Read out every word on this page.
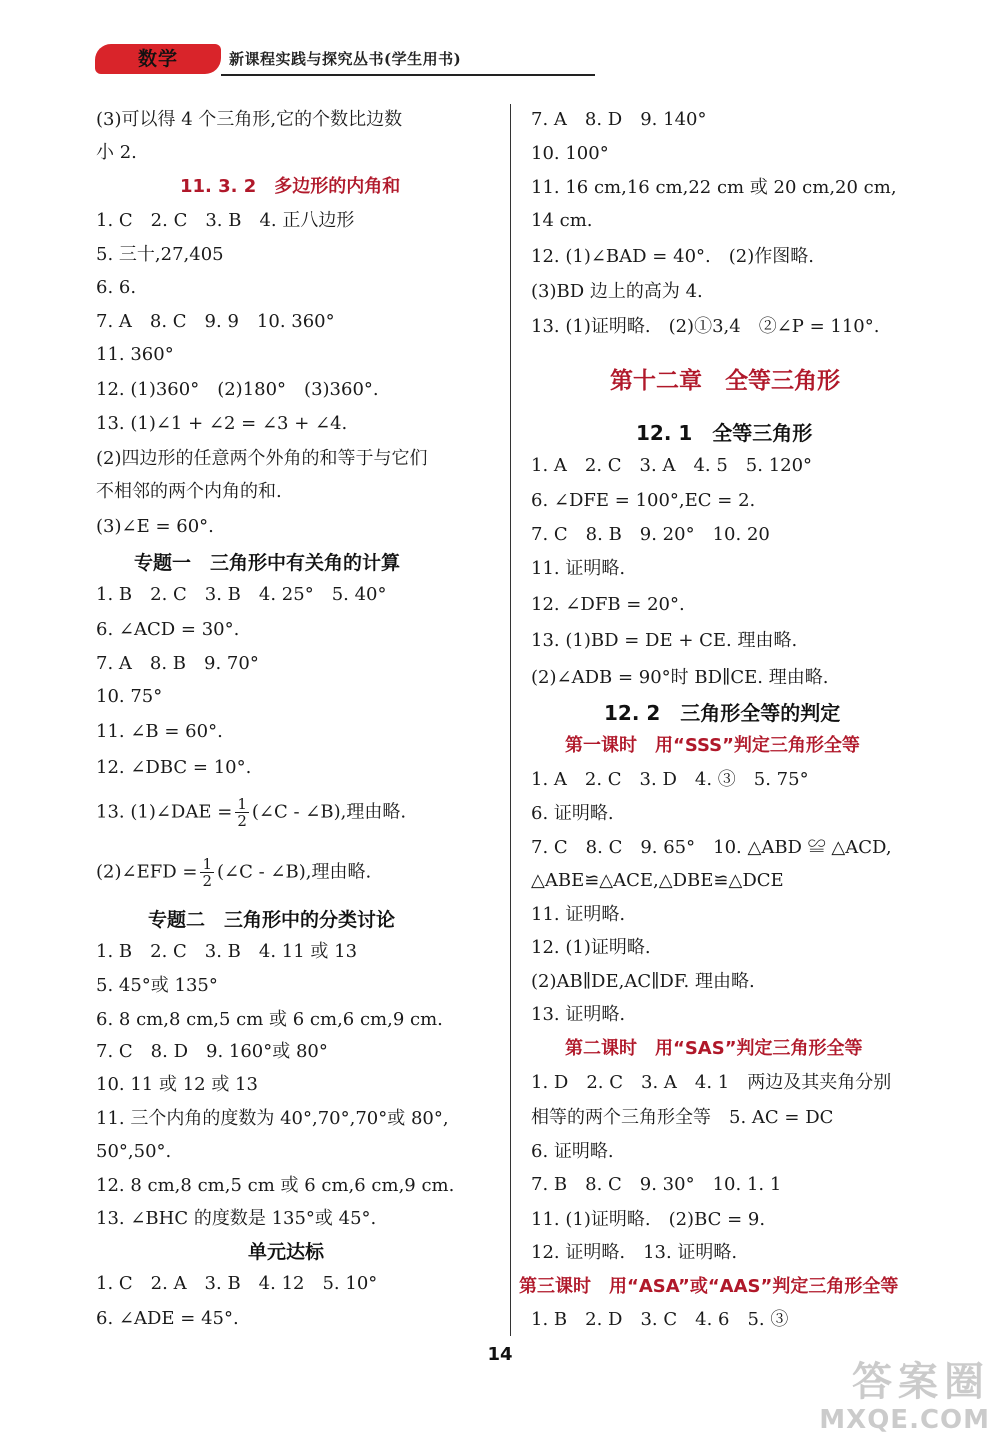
数学	新课程实践与探究丛书(学生用书)
(3)可以得 4 个三角形,它的个数比边数
小 2.
11. 3. 2　多边形的内角和
1. C　2. C　3. B　4. 正八边形
5. 三十,27,405
6. 6.
7. A　8. C　9. 9　10. 360°
11. 360°
12. (1)360°　(2)180°　(3)360°.
13. (1)∠1 + ∠2 = ∠3 + ∠4.
(2)四边形的任意两个外角的和等于与它们
不相邻的两个内角的和.
(3)∠E = 60°.
专题一　三角形中有关角的计算
1. B　2. C　3. B　4. 25°　5. 40°
6. ∠ACD = 30°.
7. A　8. B　9. 70°
10. 75°
11. ∠B = 60°.
12. ∠DBC = 10°.
13. (1)∠DAE = $\frac{1}{2}$ (∠C - ∠B),理由略.
(2)∠EFD = $\frac{1}{2}$ (∠C - ∠B),理由略.
专题二　三角形中的分类讨论
1. B　2. C　3. B　4. 11 或 13
5. 45°或 135°
6. 8 cm,8 cm,5 cm 或 6 cm,6 cm,9 cm.
7. C　8. D　9. 160°或 80°
10. 11 或 12 或 13
11. 三个内角的度数为 40°,70°,70°或 80°,
50°,50°.
12. 8 cm,8 cm,5 cm 或 6 cm,6 cm,9 cm.
13. ∠BHC 的度数是 135°或 45°.
单元达标
1. C　2. A　3. B　4. 12　5. 10°
6. ∠ADE = 45°.
7. A　8. D　9. 140°
10. 100°
11. 16 cm,16 cm,22 cm 或 20 cm,20 cm,
14 cm.
12. (1)∠BAD = 40°.　(2)作图略.
(3)BD 边上的高为 4.
13. (1)证明略.　(2)①3,4　②∠P = 110°.
第十二章　全等三角形
12. 1　全等三角形
1. A　2. C　3. A　4. 5　5. 120°
6. ∠DFE = 100°,EC = 2.
7. C　8. B　9. 20°　10. 20
11. 证明略.
12. ∠DFB = 20°.
13. (1)BD = DE + CE. 理由略.
(2)∠ADB = 90°时 BD∥CE. 理由略.
12. 2　三角形全等的判定
第一课时　用“SSS”判定三角形全等
1. A　2. C　3. D　4. ③　5. 75°
6. 证明略.
7. C　8. C　9. 65°　10. △ABD ≌ △ACD,
△ABE≌△ACE,△DBE≌△DCE
11. 证明略.
12. (1)证明略.
(2)AB∥DE,AC∥DF. 理由略.
13. 证明略.
第二课时　用“SAS”判定三角形全等
1. D　2. C　3. A　4. 1　两边及其夹角分别
相等的两个三角形全等　5. AC = DC
6. 证明略.
7. B　8. C　9. 30°　10. 1. 1
11. (1)证明略.　(2)BC = 9.
12. 证明略.　13. 证明略.
第三课时　用“ASA”或“AAS”判定三角形全等
1. B　2. D　3. C　4. 6　5. ③
14
答案圈
MXQE.COM
